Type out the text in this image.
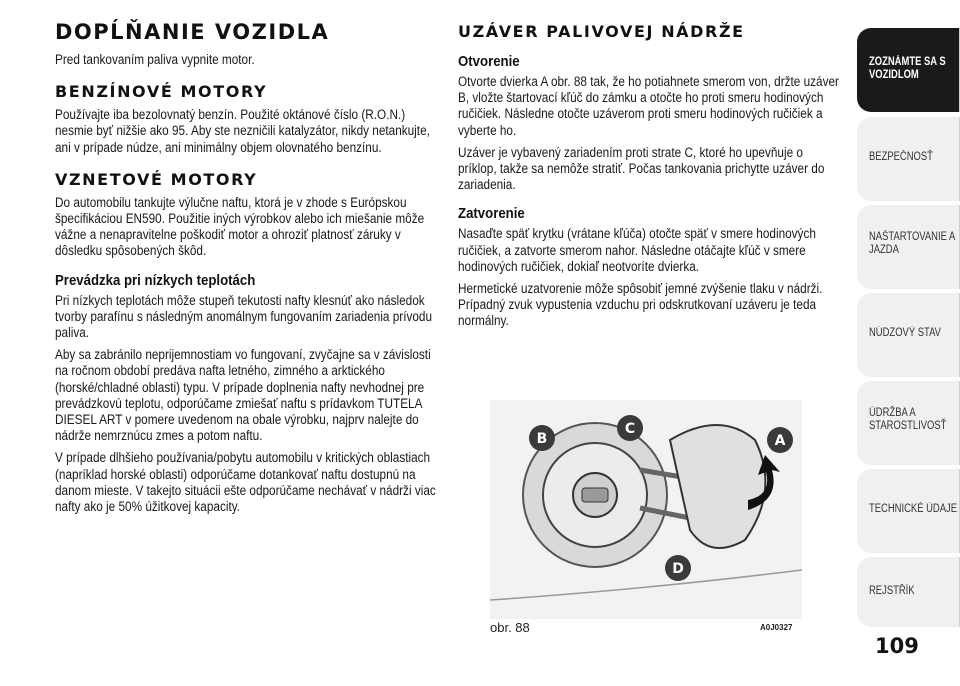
DOPĹŇANIE VOZIDLA
Pred tankovaním paliva vypnite motor.
BENZÍNOVÉ MOTORY
Používajte iba bezolovnatý benzín. Použité oktánové číslo (R.O.N.) nesmie byť nižšie ako 95. Aby ste nezničili katalyzátor, nikdy netankujte, ani v prípade núdze, ani minimálny objem olovnatého benzínu.
VZNETOVÉ MOTORY
Do automobilu tankujte výlučne naftu, ktorá je v zhode s Európskou špecifikáciou EN590. Použitie iných výrobkov alebo ich miešanie môže vážne a nenapravitelne poškodiť motor a ohroziť platnosť záruky v dôsledku spôsobených škôd.
Prevádzka pri nízkych teplotách
Pri nízkych teplotách môže stupeň tekutosti nafty klesnúť ako následok tvorby parafínu s následným anomálnym fungovaním zariadenia prívodu paliva.
Aby sa zabránilo neprijemnostiam vo fungovaní, zvyčajne sa v závislosti na ročnom období predáva nafta letného, zimného a arktického (horské/chladné oblasti) typu. V prípade doplnenia nafty nevhodnej pre prevádzkovú teplotu, odporúčame zmiešať naftu s prídavkom TUTELA DIESEL ART v pomere uvedenom na obale výrobku, najprv nalejte do nádrže nemrznúcu zmes a potom naftu.
V prípade dlhšieho používania/pobytu automobilu v kritických oblastiach (napríklad horské oblasti) odporúčame dotankovať naftu dostupnú na danom mieste. V takejto situácii ešte odporúčame nechávať v nádrži viac nafty ako je 50% úžitkovej kapacity.
UZÁVER PALIVOVEJ NÁDRŽE
Otvorenie
Otvorte dvierka A obr. 88 tak, že ho potiahnete smerom von, držte uzáver B, vložte štartovací kľúč do zámku a otočte ho proti smeru hodinových ručičiek. Následne otočte uzáverom proti smeru hodinových ručičiek a vyberte ho.
Uzáver je vybavený zariadením proti strate C, ktoré ho upevňuje o príklop, takže sa nemôže stratiť. Počas tankovania prichytte uzáver do zariadenia.
Zatvorenie
Nasaďte späť krytku (vrátane kľúča) otočte späť v smere hodinových ručičiek, a zatvorte smerom nahor. Následne otáčajte kľúč v smere hodinových ručičiek, dokiaľ neotvoríte dvierka.
Hermetické uzatvorenie môže spôsobiť jemné zvýšenie tlaku v nádrži. Prípadný zvuk vypustenia vzduchu pri odskrutkovaní uzáveru je teda normálny.
B
C
A
D
obr. 88	A0J0327
ZOZNÁMTE SA S VOZIDLOM
BEZPEČNOSŤ
NAŠTARTOVANIE A JAZDA
NÚDZOVÝ STAV
ÚDRŽBA A STAROSTLIVOSŤ
TECHNICKÉ ÚDAJE
REJSTŘÍK
109
